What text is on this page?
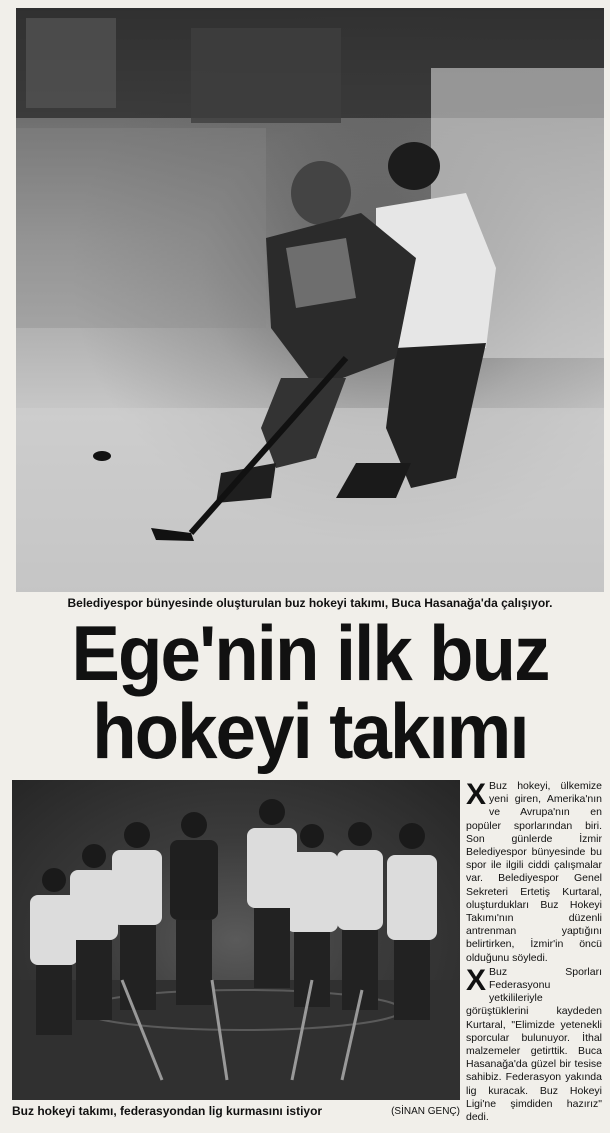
Belediyespor bünyesinde oluşturulan buz hokeyi takımı, Buca Hasanağa'da çalışıyor.
Ege'nin ilk buz
hokeyi takımı
Buz hokeyi takımı, federasyondan lig kurmasını istiyor	(SİNAN GENÇ)

X Buz hokeyi, ülkemize yeni giren, Amerika'nın ve Avrupa'nın en popüler sporlarından biri. Son günlerde İzmir Belediyespor bünyesinde bu spor ile ilgili ciddi çalışmalar var. Belediyespor Genel Sekreteri Ertetiş Kurtaral, oluşturdukları Buz Hokeyi Takımı'nın düzenli antrenman yaptığını belirtirken, İzmir'in öncü olduğunu söyledi.

X Buz Sporları Federasyonu yetkilileriyle görüştüklerini kaydeden Kurtaral, "Elimizde yetenekli sporcular bulunuyor. İthal malzemeler getirttik. Buca Hasanağa'da güzel bir tesise sahibiz. Federasyon yakında lig kuracak. Buz Hokeyi Ligi'ne şimdiden hazırız" dedi.
